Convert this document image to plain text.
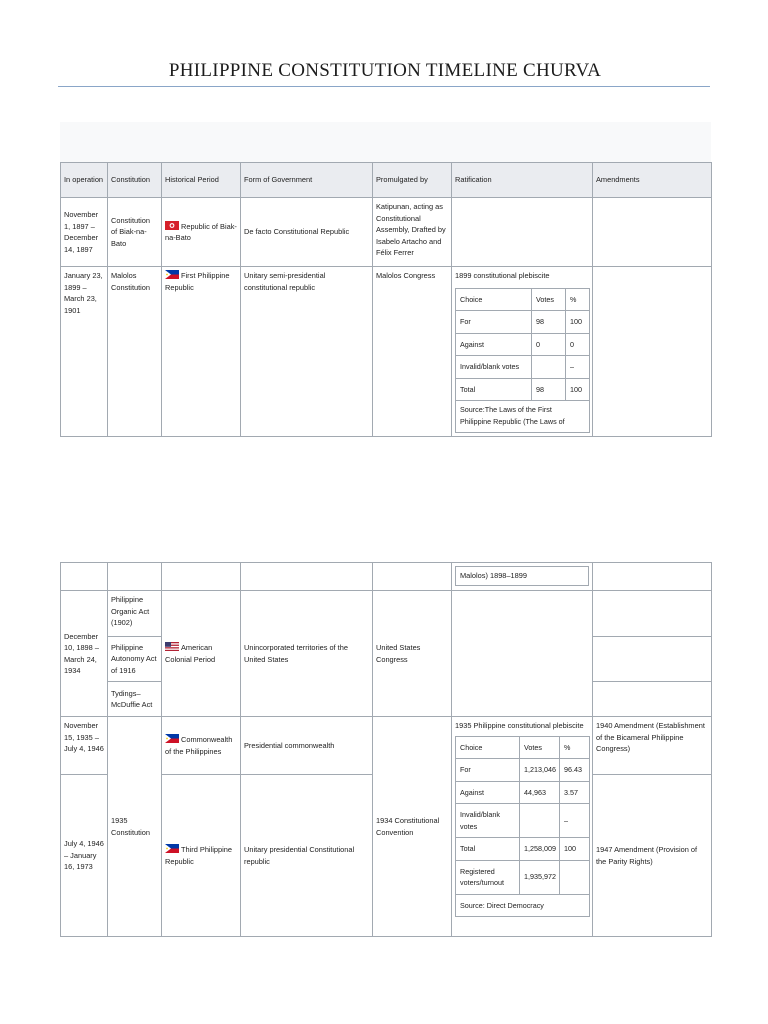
PHILIPPINE CONSTITUTION TIMELINE CHURVA
In operation	Constitution	Historical Period	Form of Government	Promulgated by	Ratification	Amendments
November 1, 1897 – December 14, 1897	Constitution of Biak-na-Bato	Republic of Biak-na-Bato	De facto Constitutional Republic	Katipunan, acting as Constitutional Assembly, Drafted by Isabelo Artacho and Félix Ferrer		
January 23, 1899 – March 23, 1901	Malolos Constitution	First Philippine Republic	Unitary semi-presidential constitutional republic	Malolos Congress	1899 constitutional plebiscite
Choice	Votes	%
For	98	100
Against	0	0
Invalid/blank votes		–
Total	98	100
Source:The Laws of the First Philippine Republic (The Laws of

Malolos) 1898–1899

December 10, 1898 – March 24, 1934	Philippine Organic Act (1902)	American Colonial Period	Unincorporated territories of the United States	United States Congress		
Philippine Autonomy Act of 1916	
Tydings–McDuffie Act	
November 15, 1935 – July 4, 1946	1935 Constitution	Commonwealth of the Philippines	Presidential commonwealth	1934 Constitutional Convention	
1935 Philippine constitutional plebiscite
Choice	Votes	%
For	1,213,046	96.43
Against	44,963	3.57
Invalid/blank votes		–
Total	1,258,009	100
Registered voters/turnout	1,935,972	
Source: Direct Democracy
	1940 Amendment (Establishment of the Bicameral Philippine Congress)
July 4, 1946 – January 16, 1973	Third Philippine Republic	Unitary presidential Constitutional republic	1947 Amendment (Provision of the Parity Rights)
